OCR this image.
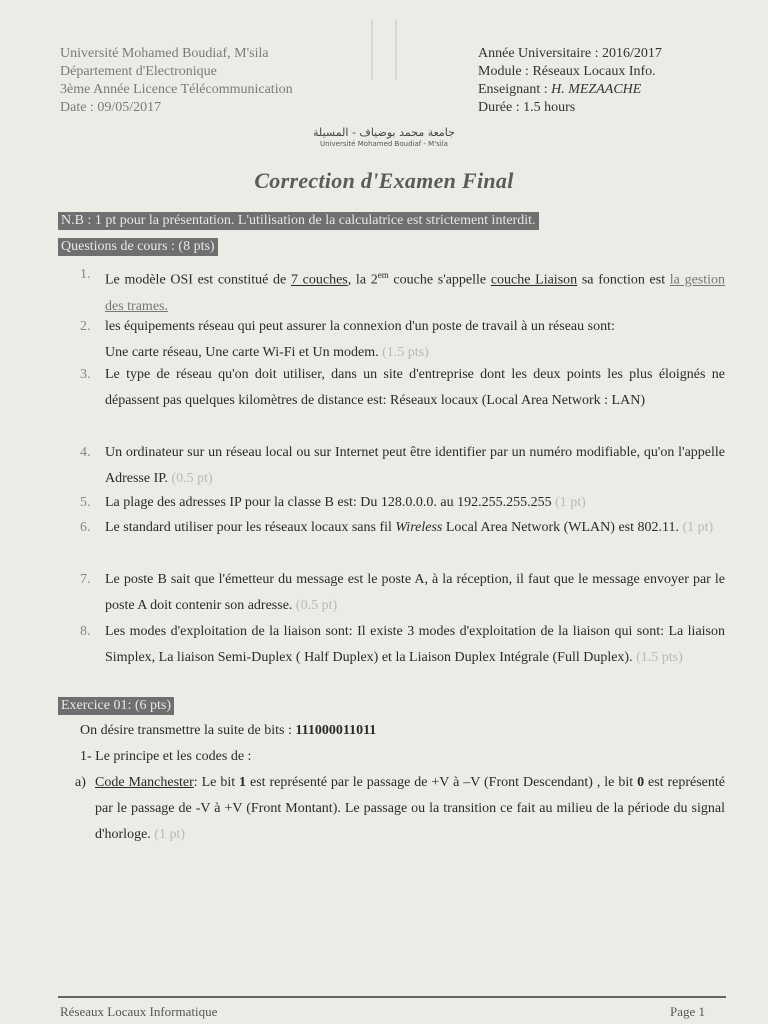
Université Mohamed Boudiaf, M'sila
Département d'Electronique
3ème Année Licence Télécommunication
Date : 09/05/2017
جامعة محمد بوضياف - المسيلة
Université Mohamed Boudiaf - M'sila
Année Universitaire : 2016/2017
Module : Réseaux Locaux Info.
Enseignant : H. MEZAACHE
Durée : 1.5 hours
Correction d'Examen Final
N.B : 1 pt pour la présentation. L'utilisation de la calculatrice est strictement interdit.
Questions de cours : (8 pts)
1. Le modèle OSI est constitué de 7 couches, la $2^{em}$ couche s'appelle couche Liaison sa fonction est la gestion des trames.
2. les équipements réseau qui peut assurer la connexion d'un poste de travail à un réseau sont:
Une carte réseau, Une carte Wi-Fi et Un modem. (1.5 pts)
3. Le type de réseau qu'on doit utiliser, dans un site d'entreprise dont les deux points les plus éloignés ne dépassent pas quelques kilomètres de distance est: Réseaux locaux (Local Area Network : LAN)
4. Un ordinateur sur un réseau local ou sur Internet peut être identifier par un numéro modifiable, qu'on l'appelle Adresse IP. (0.5 pt)
5. La plage des adresses IP pour la classe B est: Du 128.0.0.0. au 192.255.255.255 (1 pt)
6. Le standard utiliser pour les réseaux locaux sans fil Wireless Local Area Network (WLAN) est 802.11. (1 pt)
7. Le poste B sait que l'émetteur du message est le poste A, à la réception, il faut que le message envoyer par le poste A doit contenir son adresse. (0.5 pt)
8. Les modes d'exploitation de la liaison sont: Il existe 3 modes d'exploitation de la liaison qui sont: La liaison Simplex, La liaison Semi-Duplex ( Half Duplex) et la Liaison Duplex Intégrale (Full Duplex). (1.5 pts)
Exercice 01: (6 pts)
On désire transmettre la suite de bits : 111000011011
1- Le principe et les codes de :
a) Code Manchester: Le bit 1 est représenté par le passage de +V à –V (Front Descendant) , le bit 0 est représenté par le passage de -V à +V (Front Montant). Le passage ou la transition ce fait au milieu de la période du signal d'horloge. (1 pt)
Réseaux Locaux Informatique	Page 1
